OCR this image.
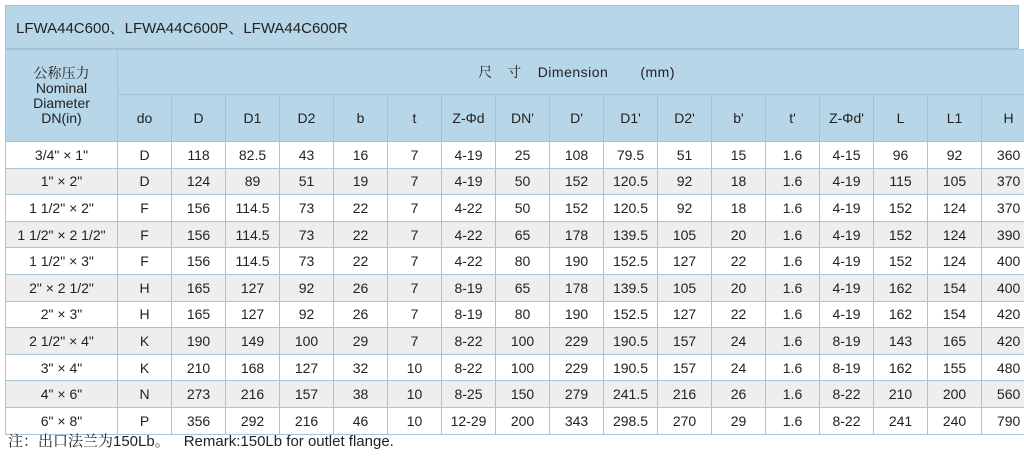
LFWA44C600、LFWA44C600P、LFWA44C600R
公称压力
Nominal
Diameter
DN(in)	尺　寸 Dimension (mm)																
	do	D	D1	D2	b	t	Z-Φd	DN'	D'	D1'	D2'	b'	t'	Z-Φd'	L	L1	H
3/4" × 1"	D	118	82.5	43	16	7	4-19	25	108	79.5	51	15	1.6	4-15	96	92	360
1" × 2"	D	124	89	51	19	7	4-19	50	152	120.5	92	18	1.6	4-19	115	105	370
1 1/2" × 2"	F	156	114.5	73	22	7	4-22	50	152	120.5	92	18	1.6	4-19	152	124	370
1 1/2" × 2 1/2"	F	156	114.5	73	22	7	4-22	65	178	139.5	105	20	1.6	4-19	152	124	390
1 1/2" × 3"	F	156	114.5	73	22	7	4-22	80	190	152.5	127	22	1.6	4-19	152	124	400
2" × 2 1/2"	H	165	127	92	26	7	8-19	65	178	139.5	105	20	1.6	4-19	162	154	400
2" × 3"	H	165	127	92	26	7	8-19	80	190	152.5	127	22	1.6	4-19	162	154	420
2 1/2" × 4"	K	190	149	100	29	7	8-22	100	229	190.5	157	24	1.6	8-19	143	165	420
3" × 4"	K	210	168	127	32	10	8-22	100	229	190.5	157	24	1.6	8-19	162	155	480
4" × 6"	N	273	216	157	38	10	8-25	150	279	241.5	216	26	1.6	8-22	210	200	560
6" × 8"	P	356	292	216	46	10	12-29	200	343	298.5	270	29	1.6	8-22	241	240	790
注：出口法兰为150Lb。 Remark:150Lb for outlet flange.
